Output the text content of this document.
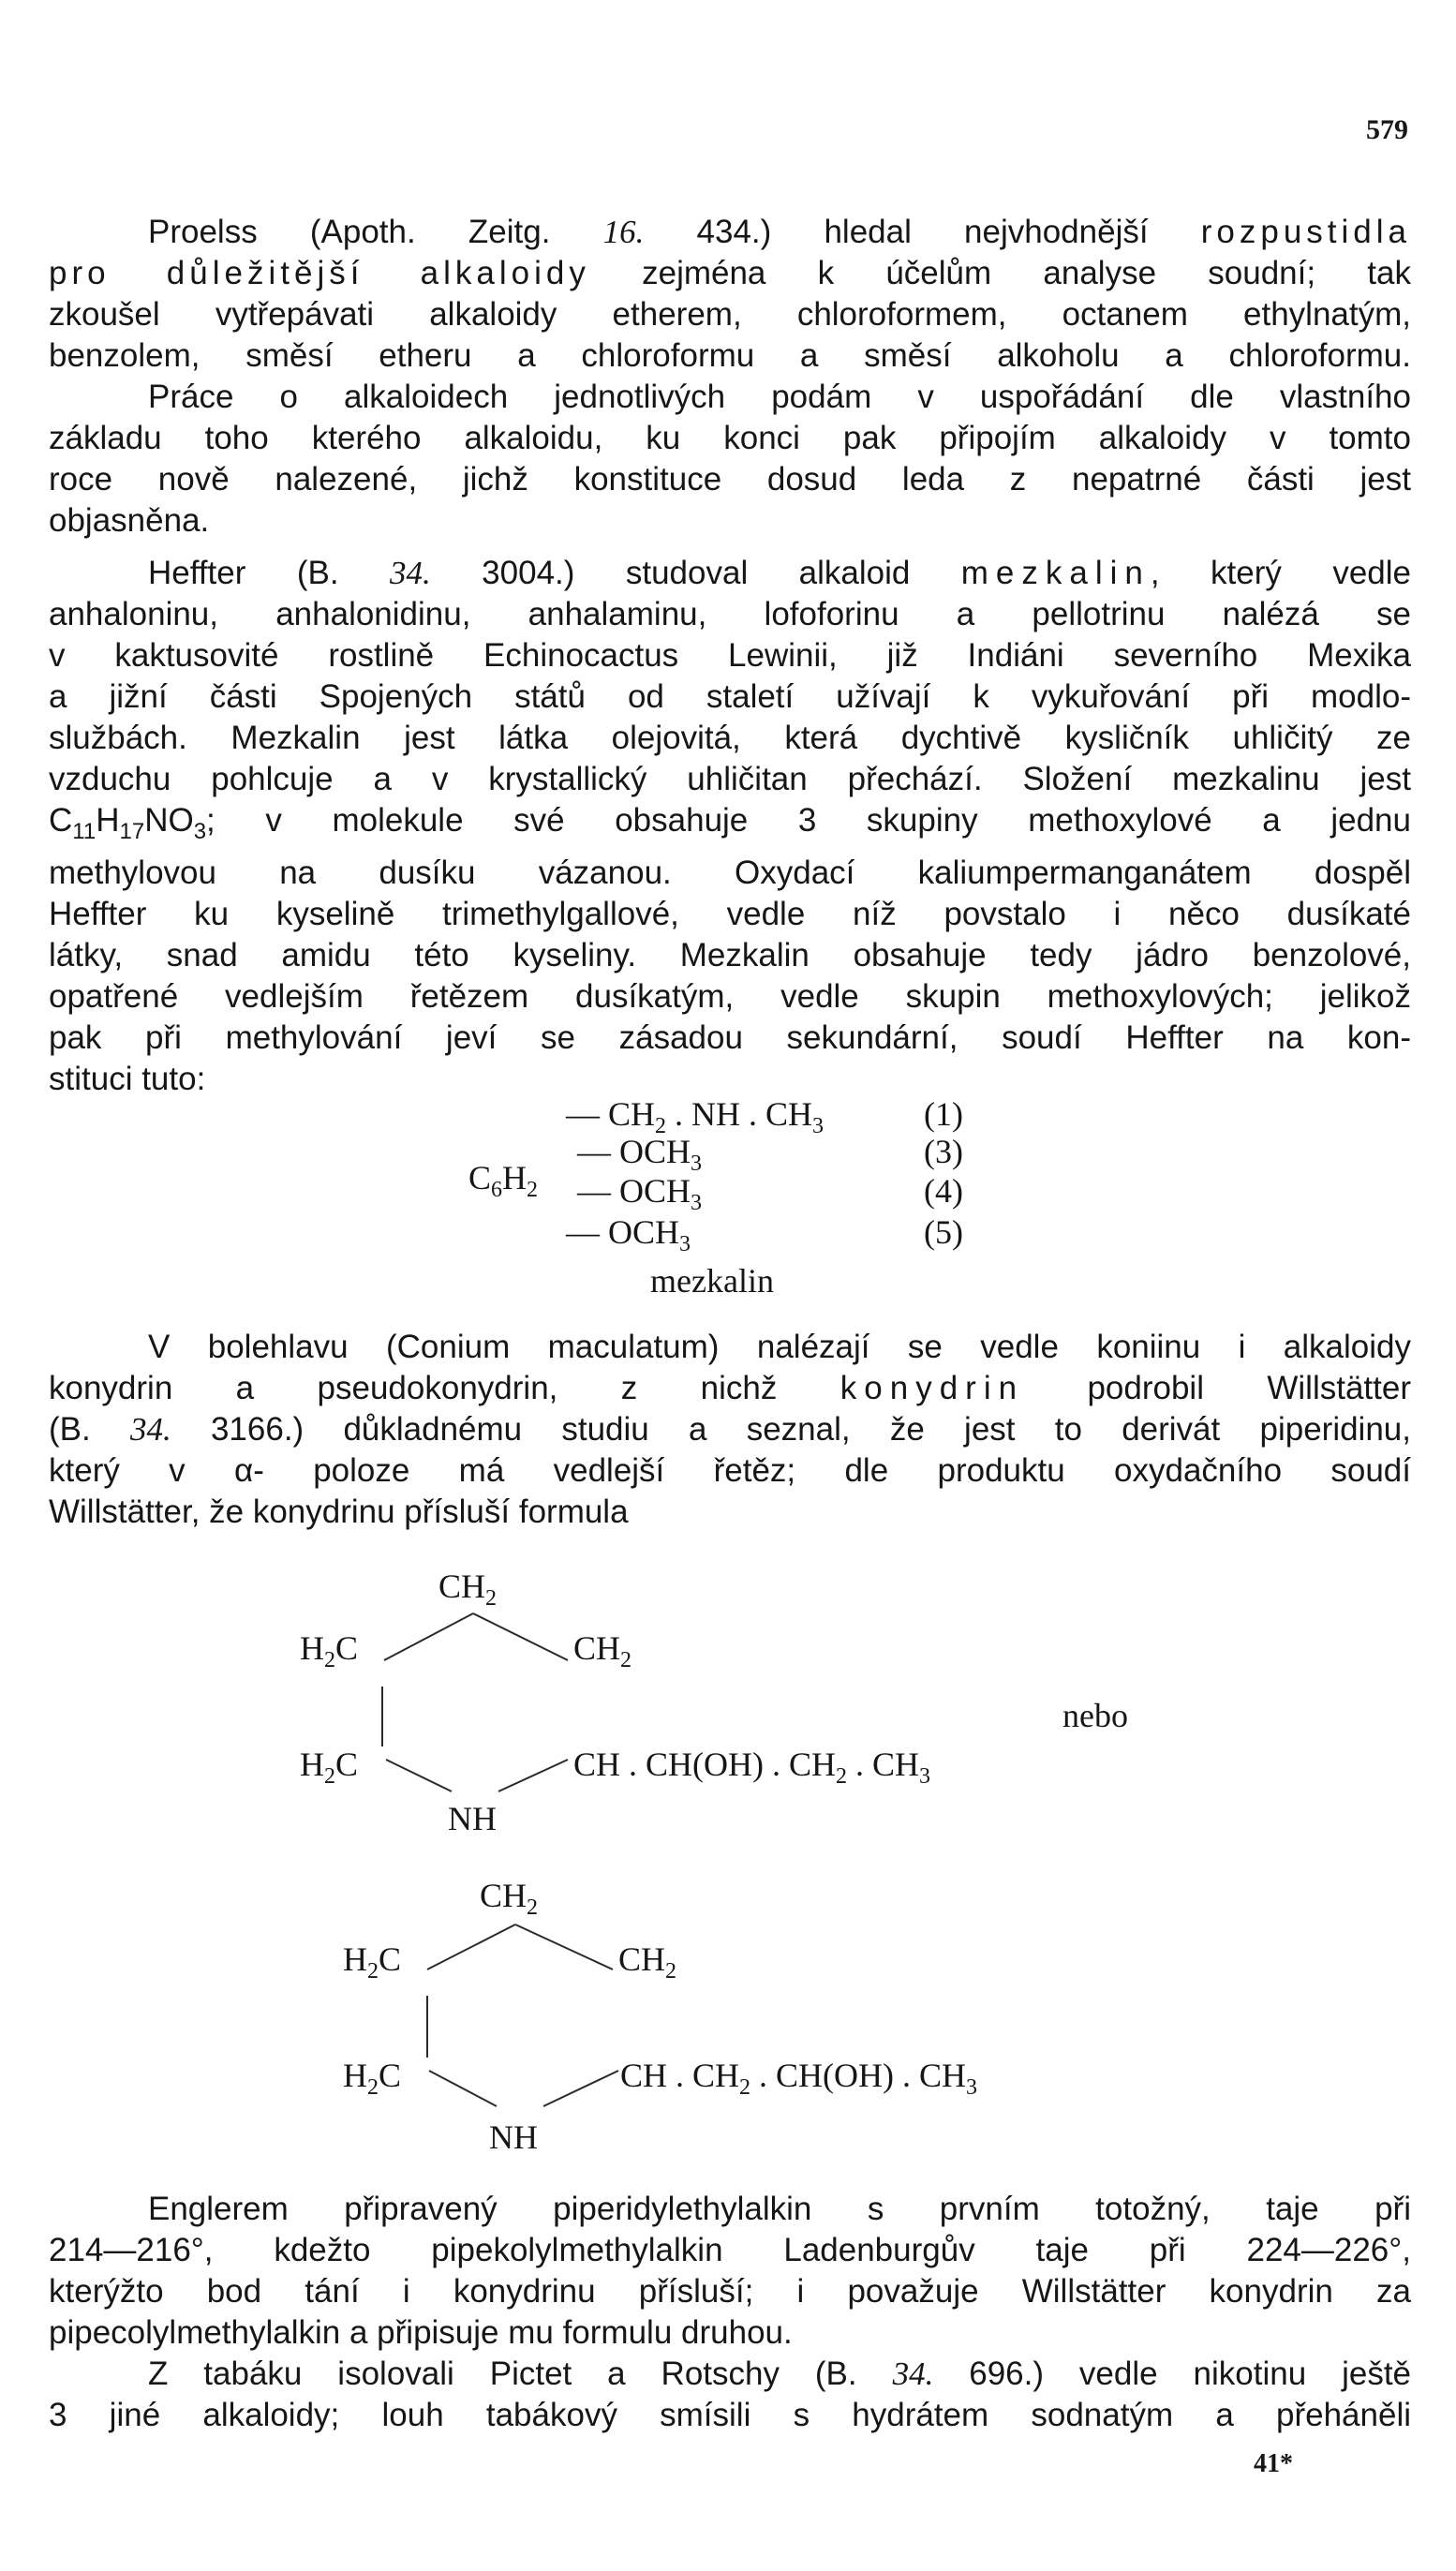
579
Proelss (Apoth. Zeitg. 16. 434.) hledal nejvhodnější rozpustidla
pro důležitější alkaloidy zejména k účelům analyse soudní; tak
zkoušel vytřepávati alkaloidy etherem, chloroformem, octanem ethylnatým,
benzolem, směsí etheru a chloroformu a směsí alkoholu a chloroformu.
Práce o alkaloidech jednotlivých podám v uspořádání dle vlastního
základu toho kterého alkaloidu, ku konci pak připojím alkaloidy v tomto
roce nově nalezené, jichž konstituce dosud leda z nepatrné části jest
objasněna.
Heffter (B. 34. 3004.) studoval alkaloid mezkalin, který vedle
anhaloninu, anhalonidinu, anhalaminu, lofoforinu a pellotrinu nalézá se
v kaktusovité rostlině Echinocactus Lewinii, již Indiáni severního Mexika
a jižní části Spojených států od staletí užívají k vykuřování při modlo-
službách. Mezkalin jest látka olejovitá, která dychtivě kysličník uhličitý ze
vzduchu pohlcuje a v krystallický uhličitan přechází. Složení mezkalinu jest
$C_{11}H_{17}NO_3$; v molekule své obsahuje 3 skupiny methoxylové a jednu
methylovou na dusíku vázanou. Oxydací kaliumpermanganátem dospěl
Heffter ku kyselině trimethylgallové, vedle níž povstalo i něco dusíkaté
látky, snad amidu této kyseliny. Mezkalin obsahuje tedy jádro benzolové,
opatřené vedlejším řetězem dusíkatým, vedle skupin methoxylových; jelikož
pak při methylování jeví se zásadou sekundární, soudí Heffter na kon-
stituci tuto:
$C_6H_2$
— $CH_2$ . NH . $CH_3$	(1)
— $OCH_3$	(3)
— $OCH_3$	(4)
— $OCH_3$	(5)
mezkalin
V bolehlavu (Conium maculatum) nalézají se vedle koniinu i alkaloidy
konydrin a pseudokonydrin, z nichž konydrin podrobil Willstätter
(B. 34. 3166.) důkladnému studiu a seznal, že jest to derivát piperidinu,
který v α- poloze má vedlejší řetěz; dle produktu oxydačního soudí
Willstätter, že konydrinu přísluší formula
$CH_2$
$H_2C$	$CH_2$
$H_2C$	CH . CH(OH) . $CH_2$ . $CH_3$
NH
nebo
$CH_2$
$H_2C$	$CH_2$
$H_2C$	CH . $CH_2$ . CH(OH) . $CH_3$
NH
Englerem připravený piperidylethylalkin s prvním totožný, taje při
214—216°, kdežto pipekolylmethylalkin Ladenburgův taje při 224—226°,
kterýžto bod tání i konydrinu přísluší; i považuje Willstätter konydrin za
pipecolylmethylalkin a připisuje mu formulu druhou.
Z tabáku isolovali Pictet a Rotschy (B. 34. 696.) vedle nikotinu ještě
3 jiné alkaloidy; louh tabákový smísili s hydrátem sodnatým a přeháněli
41*
